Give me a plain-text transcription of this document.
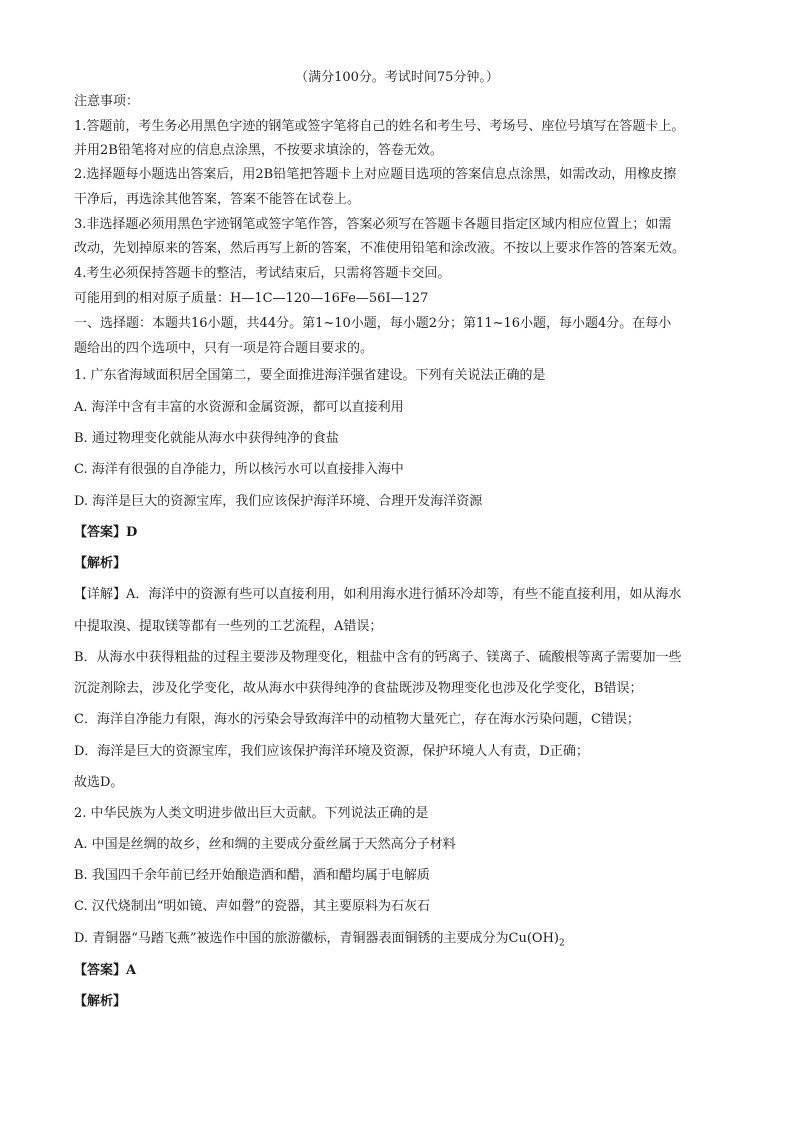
（满分100分。考试时间75分钟。）
注意事项：
1.答题前，考生务必用黑色字迹的钢笔或签字笔将自己的姓名和考生号、考场号、座位号填写在答题卡上。
并用2B铅笔将对应的信息点涂黑，不按要求填涂的，答卷无效。
2.选择题每小题选出答案后，用2B铅笔把答题卡上对应题目选项的答案信息点涂黑，如需改动，用橡皮擦
干净后，再选涂其他答案，答案不能答在试卷上。
3.非选择题必须用黑色字迹钢笔或签字笔作答，答案必须写在答题卡各题目指定区域内相应位置上；如需
改动，先划掉原来的答案，然后再写上新的答案，不准使用铅笔和涂改液。不按以上要求作答的答案无效。
4.考生必须保持答题卡的整洁，考试结束后，只需将答题卡交回。
可能用到的相对原子质量：H—1C—120—16Fe—56I—127
一、选择题：本题共16小题，共44分。第1~10小题，每小题2分；第11~16小题，每小题4分。在每小
题给出的四个选项中，只有一项是符合题目要求的。
1. 广东省海域面积居全国第二，要全面推进海洋强省建设。下列有关说法正确的是
A. 海洋中含有丰富的水资源和金属资源，都可以直接利用
B. 通过物理变化就能从海水中获得纯净的食盐
C. 海洋有很强的自净能力，所以核污水可以直接排入海中
D. 海洋是巨大的资源宝库，我们应该保护海洋环境、合理开发海洋资源
【答案】D
【解析】
【详解】A．海洋中的资源有些可以直接利用，如利用海水进行循环冷却等，有些不能直接利用，如从海水
中提取溴、提取镁等都有一些列的工艺流程，A错误；
B．从海水中获得粗盐的过程主要涉及物理变化，粗盐中含有的钙离子、镁离子、硫酸根等离子需要加一些
沉淀剂除去，涉及化学变化，故从海水中获得纯净的食盐既涉及物理变化也涉及化学变化，B错误；
C．海洋自净能力有限，海水的污染会导致海洋中的动植物大量死亡，存在海水污染问题，C错误；
D．海洋是巨大的资源宝库，我们应该保护海洋环境及资源，保护环境人人有责，D正确；
故选D。
2. 中华民族为人类文明进步做出巨大贡献。下列说法正确的是
A. 中国是丝绸的故乡，丝和绸的主要成分蚕丝属于天然高分子材料
B. 我国四千余年前已经开始酿造酒和醋，酒和醋均属于电解质
C. 汉代烧制出“明如镜、声如磬”的瓷器，其主要原料为石灰石
D. 青铜器“马踏飞燕”被选作中国的旅游徽标，青铜器表面铜锈的主要成分为$Cu(OH)_2$
【答案】A
【解析】
